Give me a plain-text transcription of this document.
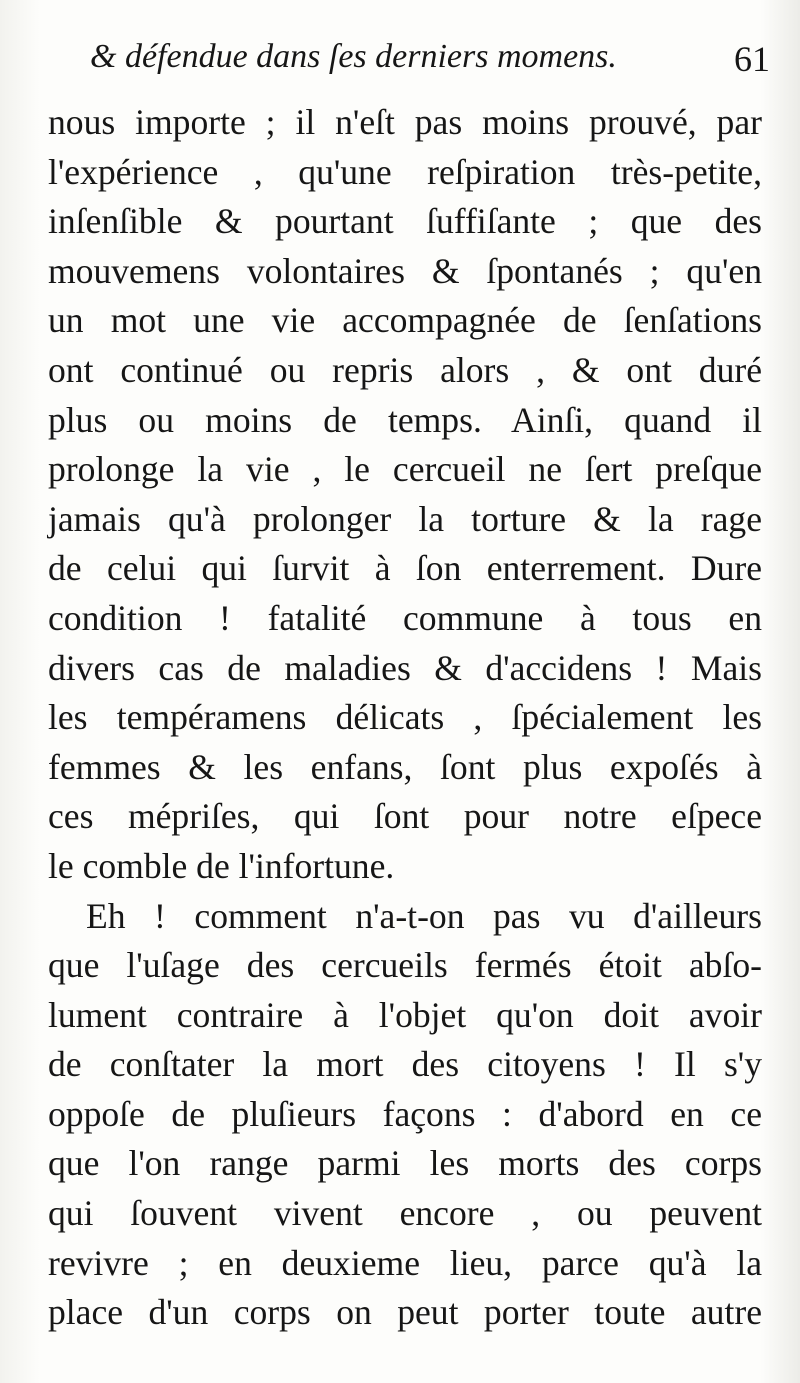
& défendue dans ſes derniers momens.	61
nous importe ; il n'eſt pas moins prouvé, par
l'expérience , qu'une reſpiration très-petite,
inſenſible & pourtant ſuffiſante ; que des
mouvemens volontaires & ſpontanés ; qu'en
un mot une vie accompagnée de ſenſations
ont continué ou repris alors , & ont duré
plus ou moins de temps. Ainſi, quand il
prolonge la vie , le cercueil ne ſert preſque
jamais qu'à prolonger la torture & la rage
de celui qui ſurvit à ſon enterrement. Dure
condition ! fatalité commune à tous en
divers cas de maladies & d'accidens ! Mais
les tempéramens délicats , ſpécialement les
femmes & les enfans, ſont plus expoſés à
ces mépriſes, qui ſont pour notre eſpece
le comble de l'infortune.
Eh ! comment n'a-t-on pas vu d'ailleurs
que l'uſage des cercueils fermés étoit abſo-
lument contraire à l'objet qu'on doit avoir
de conſtater la mort des citoyens ! Il s'y
oppoſe de pluſieurs façons : d'abord en ce
que l'on range parmi les morts des corps
qui ſouvent vivent encore , ou peuvent
revivre ; en deuxieme lieu, parce qu'à la
place d'un corps on peut porter toute autre
